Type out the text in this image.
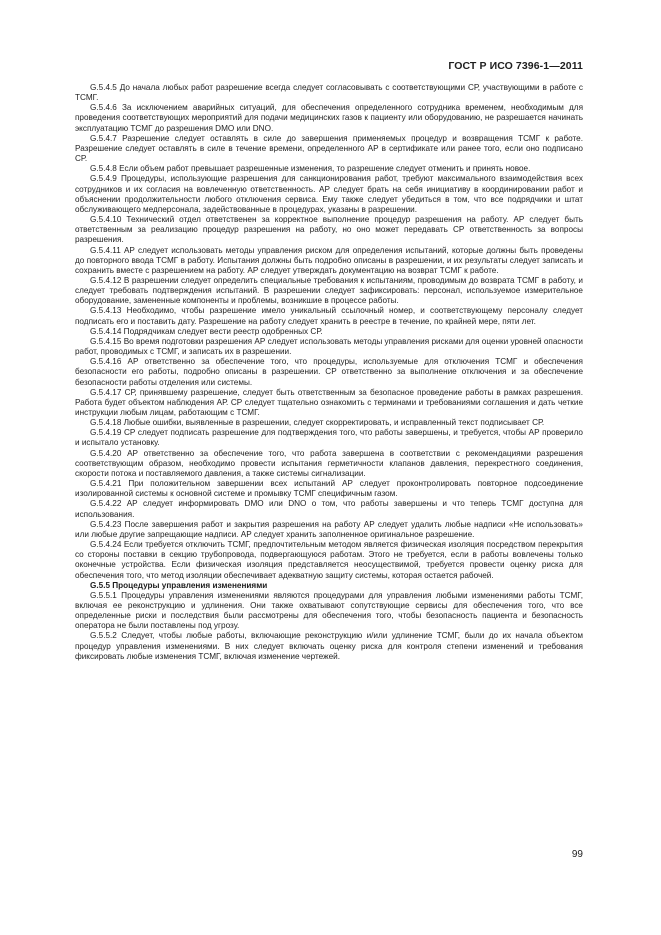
ГОСТ Р ИСО 7396-1—2011

G.5.4.5 До начала любых работ разрешение всегда следует согласовывать с соответствующими СР, участвующими в работе с ТСМГ.

G.5.4.6 За исключением аварийных ситуаций, для обеспечения определенного сотрудника временем, необходимым для проведения соответствующих мероприятий для подачи медицинских газов к пациенту или оборудованию, не разрешается начинать эксплуатацию ТСМГ до разрешения DMO или DNO.

G.5.4.7 Разрешение следует оставлять в силе до завершения применяемых процедур и возвращения ТСМГ к работе. Разрешение следует оставлять в силе в течение времени, определенного АР в сертификате или ранее того, если оно подписано СР.

G.5.4.8 Если объем работ превышает разрешенные изменения, то разрешение следует отменить и принять новое.

G.5.4.9 Процедуры, использующие разрешения для санкционирования работ, требуют максимального взаимодействия всех сотрудников и их согласия на вовлеченную ответственность. АР следует брать на себя инициативу в координировании работ и объяснении продолжительности любого отключения сервиса. Ему также следует убедиться в том, что все подрядчики и штат обслуживающего медперсонала, задействованные в процедурах, указаны в разрешении.

G.5.4.10 Технический отдел ответственен за корректное выполнение процедур разрешения на работу. АР следует быть ответственным за реализацию процедур разрешения на работу, но оно может передавать СР ответственность за вопросы разрешения.

G.5.4.11 АР следует использовать методы управления риском для определения испытаний, которые должны быть проведены до повторного ввода ТСМГ в работу. Испытания должны быть подробно описаны в разрешении, и их результаты следует записать и сохранить вместе с разрешением на работу. АР следует утверждать документацию на возврат ТСМГ к работе.

G.5.4.12 В разрешении следует определить специальные требования к испытаниям, проводимым до возврата ТСМГ в работу, и следует требовать подтверждения испытаний. В разрешении следует зафиксировать: персонал, используемое измерительное оборудование, замененные компоненты и проблемы, возникшие в процессе работы.

G.5.4.13 Необходимо, чтобы разрешение имело уникальный ссылочный номер, и соответствующему персоналу следует подписать его и поставить дату. Разрешение на работу следует хранить в реестре в течение, по крайней мере, пяти лет.

G.5.4.14 Подрядчикам следует вести реестр одобренных СР.

G.5.4.15 Во время подготовки разрешения АР следует использовать методы управления рисками для оценки уровней опасности работ, проводимых с ТСМГ, и записать их в разрешении.

G.5.4.16 АР ответственно за обеспечение того, что процедуры, используемые для отключения ТСМГ и обеспечения безопасности его работы, подробно описаны в разрешении. СР ответственно за выполнение отключения и за обеспечение безопасности работы отделения или системы.

G.5.4.17 СР, принявшему разрешение, следует быть ответственным за безопасное проведение работы в рамках разрешения. Работа будет объектом наблюдения АР. СР следует тщательно ознакомить с терминами и требованиями соглашения и дать четкие инструкции любым лицам, работающим с ТСМГ.

G.5.4.18 Любые ошибки, выявленные в разрешении, следует скорректировать, и исправленный текст подписывает СР.

G.5.4.19 СР следует подписать разрешение для подтверждения того, что работы завершены, и требуется, чтобы АР проверило и испытало установку.

G.5.4.20 АР ответственно за обеспечение того, что работа завершена в соответствии с рекомендациями разрешения соответствующим образом, необходимо провести испытания герметичности клапанов давления, перекрестного соединения, скорости потока и поставляемого давления, а также системы сигнализации.

G.5.4.21 При положительном завершении всех испытаний АР следует проконтролировать повторное подсоединение изолированной системы к основной системе и промывку ТСМГ специфичным газом.

G.5.4.22 АР следует информировать DMO или DNO о том, что работы завершены и что теперь ТСМГ доступна для использования.

G.5.4.23 После завершения работ и закрытия разрешения на работу АР следует удалить любые надписи «Не использовать» или любые другие запрещающие надписи. АР следует хранить заполненное оригинальное разрешение.

G.5.4.24 Если требуется отключить ТСМГ, предпочтительным методом является физическая изоляция посредством перекрытия со стороны поставки в секцию трубопровода, подвергающуюся работам. Этого не требуется, если в работы вовлечены только оконечные устройства. Если физическая изоляция представляется неосуществимой, требуется провести оценку риска для обеспечения того, что метод изоляции обеспечивает адекватную защиту системы, которая остается рабочей.

G.5.5 Процедуры управления изменениями

G.5.5.1 Процедуры управления изменениями являются процедурами для управления любыми изменениями работы ТСМГ, включая ее реконструкцию и удлинения. Они также охватывают сопутствующие сервисы для обеспечения того, что все определенные риски и последствия были рассмотрены для обеспечения того, чтобы безопасность пациента и безопасность оператора не были поставлены под угрозу.

G.5.5.2 Следует, чтобы любые работы, включающие реконструкцию и/или удлинение ТСМГ, были до их начала объектом процедур управления изменениями. В них следует включать оценку риска для контроля степени изменений и требования фиксировать любые изменения ТСМГ, включая изменение чертежей.

99
